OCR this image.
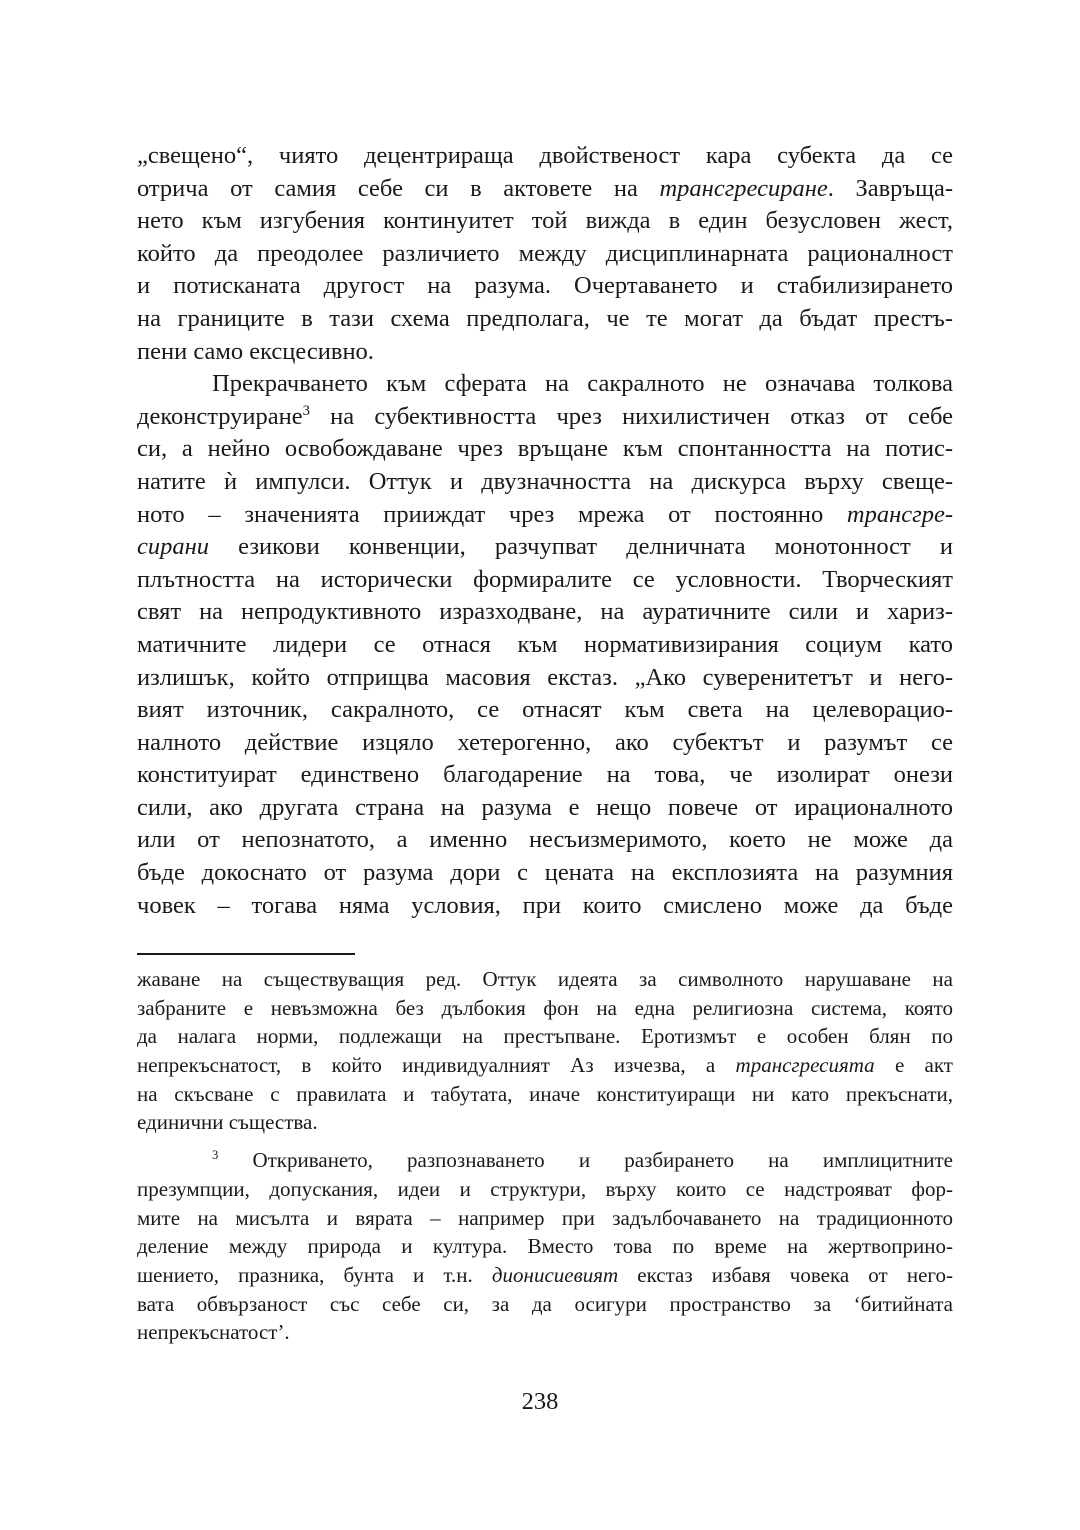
„свещено“, чиято децентрираща двойственост кара субекта да се
отрича от самия себе си в актовете на трансгресиране. Завръща-
нето към изгубения континуитет той вижда в един безусловен жест,
който да преодолее различието между дисциплинарната рационалност
и потисканата другост на разума. Очертаването и стабилизирането
на границите в тази схема предполага, че те могат да бъдат престъ-
пени само ексцесивно.
Прекрачването към сферата на сакралното не означава толкова
деконструиране$^3$ на субективността чрез нихилистичен отказ от себе
си, а нейно освобождаване чрез връщане към спонтанността на потис-
натите ѝ импулси. Оттук и двузначността на дискурса върху свеще-
ното – значенията прииждат чрез мрежа от постоянно трансгре-
сирани езикови конвенции, разчупват делничната монотонност и
плътността на исторически формиралите се условности. Творческият
свят на непродуктивното изразходване, на ауратичните сили и хариз-
матичните лидери се отнася към нормативизирания социум като
излишък, който отприщва масовия екстаз. „Ако суверенитетът и него-
вият източник, сакралното, се отнасят към света на целеворацио-
налното действие изцяло хетерогенно, ако субектът и разумът се
конституират единствено благодарение на това, че изолират онези
сили, ако другата страна на разума е нещо повече от ирационалното
или от непознатото, а именно несъизмеримото, което не може да
бъде докоснато от разума дори с цената на експлозията на разумния
човек – тогава няма условия, при които смислено може да бъде
жаване на съществуващия ред. Оттук идеята за символното нарушаване на
забраните е невъзможна без дълбокия фон на една религиозна система, която
да налага норми, подлежащи на престъпване. Еротизмът е особен блян по
непрекъснатост, в който индивидуалният Аз изчезва, а трансгресията е акт
на скъсване с правилата и табутата, иначе конституиращи ни като прекъснати,
единични същества.
$^3$ Откриването, разпознаването и разбирането на имплицитните
презумпции, допускания, идеи и структури, върху които се надстрояват фор-
мите на мисълта и вярата – например при задълбочаването на традиционното
деление между природа и култура. Вместо това по време на жертвоприно-
шението, празника, бунта и т.н. дионисиевият екстаз избавя човека от него-
вата обвързаност със себе си, за да осигури пространство за ‘битийната
непрекъснатост’.
238
